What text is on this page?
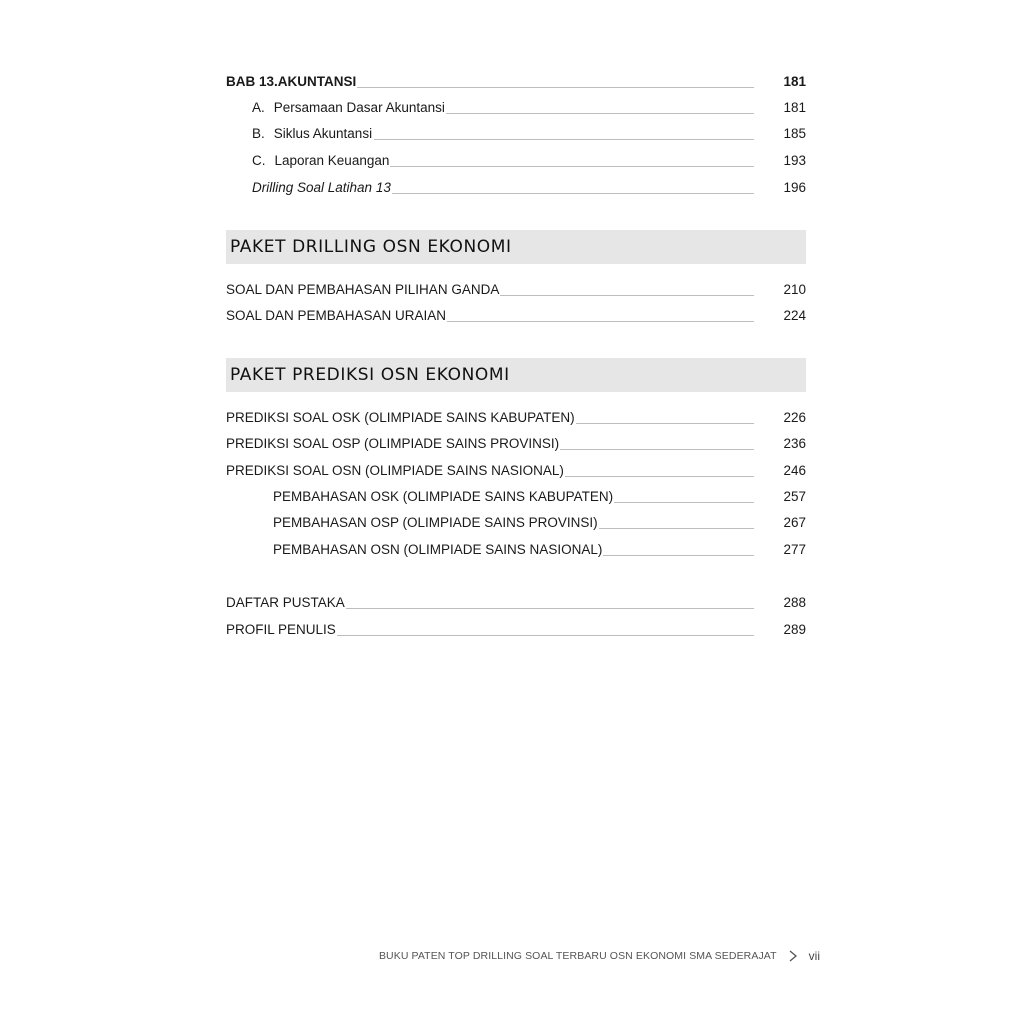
BAB 13.AKUNTANSI	181
A. Persamaan Dasar Akuntansi	181
B. Siklus Akuntansi	185
C. Laporan Keuangan	193
Drilling Soal Latihan 13	196
PAKET DRILLING OSN EKONOMI
SOAL DAN PEMBAHASAN PILIHAN GANDA	210
SOAL DAN PEMBAHASAN URAIAN	224
PAKET PREDIKSI OSN EKONOMI
PREDIKSI SOAL OSK (OLIMPIADE SAINS KABUPATEN)	226
PREDIKSI SOAL OSP (OLIMPIADE SAINS PROVINSI)	236
PREDIKSI SOAL OSN (OLIMPIADE SAINS NASIONAL)	246
PEMBAHASAN OSK (OLIMPIADE SAINS KABUPATEN)	257
PEMBAHASAN OSP (OLIMPIADE SAINS PROVINSI)	267
PEMBAHASAN OSN (OLIMPIADE SAINS NASIONAL)	277
DAFTAR PUSTAKA	288
PROFIL PENULIS	289
BUKU PATEN TOP DRILLING SOAL TERBARU OSN EKONOMI SMA SEDERAJAT	vii
